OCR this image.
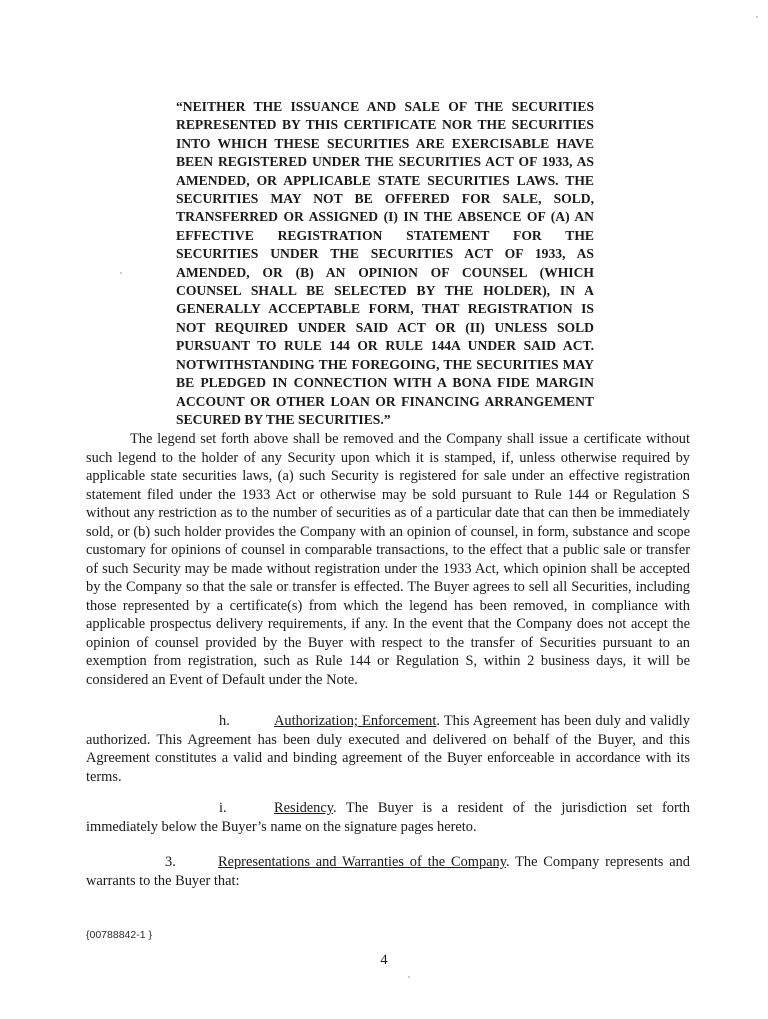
“NEITHER THE ISSUANCE AND SALE OF THE SECURITIES REPRESENTED BY THIS CERTIFICATE NOR THE SECURITIES INTO WHICH THESE SECURITIES ARE EXERCISABLE HAVE BEEN REGISTERED UNDER THE SECURITIES ACT OF 1933, AS AMENDED, OR APPLICABLE STATE SECURITIES LAWS. THE SECURITIES MAY NOT BE OFFERED FOR SALE, SOLD, TRANSFERRED OR ASSIGNED (I) IN THE ABSENCE OF (A) AN EFFECTIVE REGISTRATION STATEMENT FOR THE SECURITIES UNDER THE SECURITIES ACT OF 1933, AS AMENDED, OR (B) AN OPINION OF COUNSEL (WHICH COUNSEL SHALL BE SELECTED BY THE HOLDER), IN A GENERALLY ACCEPTABLE FORM, THAT REGISTRATION IS NOT REQUIRED UNDER SAID ACT OR (II) UNLESS SOLD PURSUANT TO RULE 144 OR RULE 144A UNDER SAID ACT. NOTWITHSTANDING THE FOREGOING, THE SECURITIES MAY BE PLEDGED IN CONNECTION WITH A BONA FIDE MARGIN ACCOUNT OR OTHER LOAN OR FINANCING ARRANGEMENT SECURED BY THE SECURITIES.”
The legend set forth above shall be removed and the Company shall issue a certificate without such legend to the holder of any Security upon which it is stamped, if, unless otherwise required by applicable state securities laws, (a) such Security is registered for sale under an effective registration statement filed under the 1933 Act or otherwise may be sold pursuant to Rule 144 or Regulation S without any restriction as to the number of securities as of a particular date that can then be immediately sold, or (b) such holder provides the Company with an opinion of counsel, in form, substance and scope customary for opinions of counsel in comparable transactions, to the effect that a public sale or transfer of such Security may be made without registration under the 1933 Act, which opinion shall be accepted by the Company so that the sale or transfer is effected. The Buyer agrees to sell all Securities, including those represented by a certificate(s) from which the legend has been removed, in compliance with applicable prospectus delivery requirements, if any. In the event that the Company does not accept the opinion of counsel provided by the Buyer with respect to the transfer of Securities pursuant to an exemption from registration, such as Rule 144 or Regulation S, within 2 business days, it will be considered an Event of Default under the Note.
h.	Authorization; Enforcement. This Agreement has been duly and validly authorized. This Agreement has been duly executed and delivered on behalf of the Buyer, and this Agreement constitutes a valid and binding agreement of the Buyer enforceable in accordance with its terms.
i.	Residency. The Buyer is a resident of the jurisdiction set forth immediately below the Buyer’s name on the signature pages hereto.
3.	Representations and Warranties of the Company. The Company represents and warrants to the Buyer that:
{00788842-1 }
4
